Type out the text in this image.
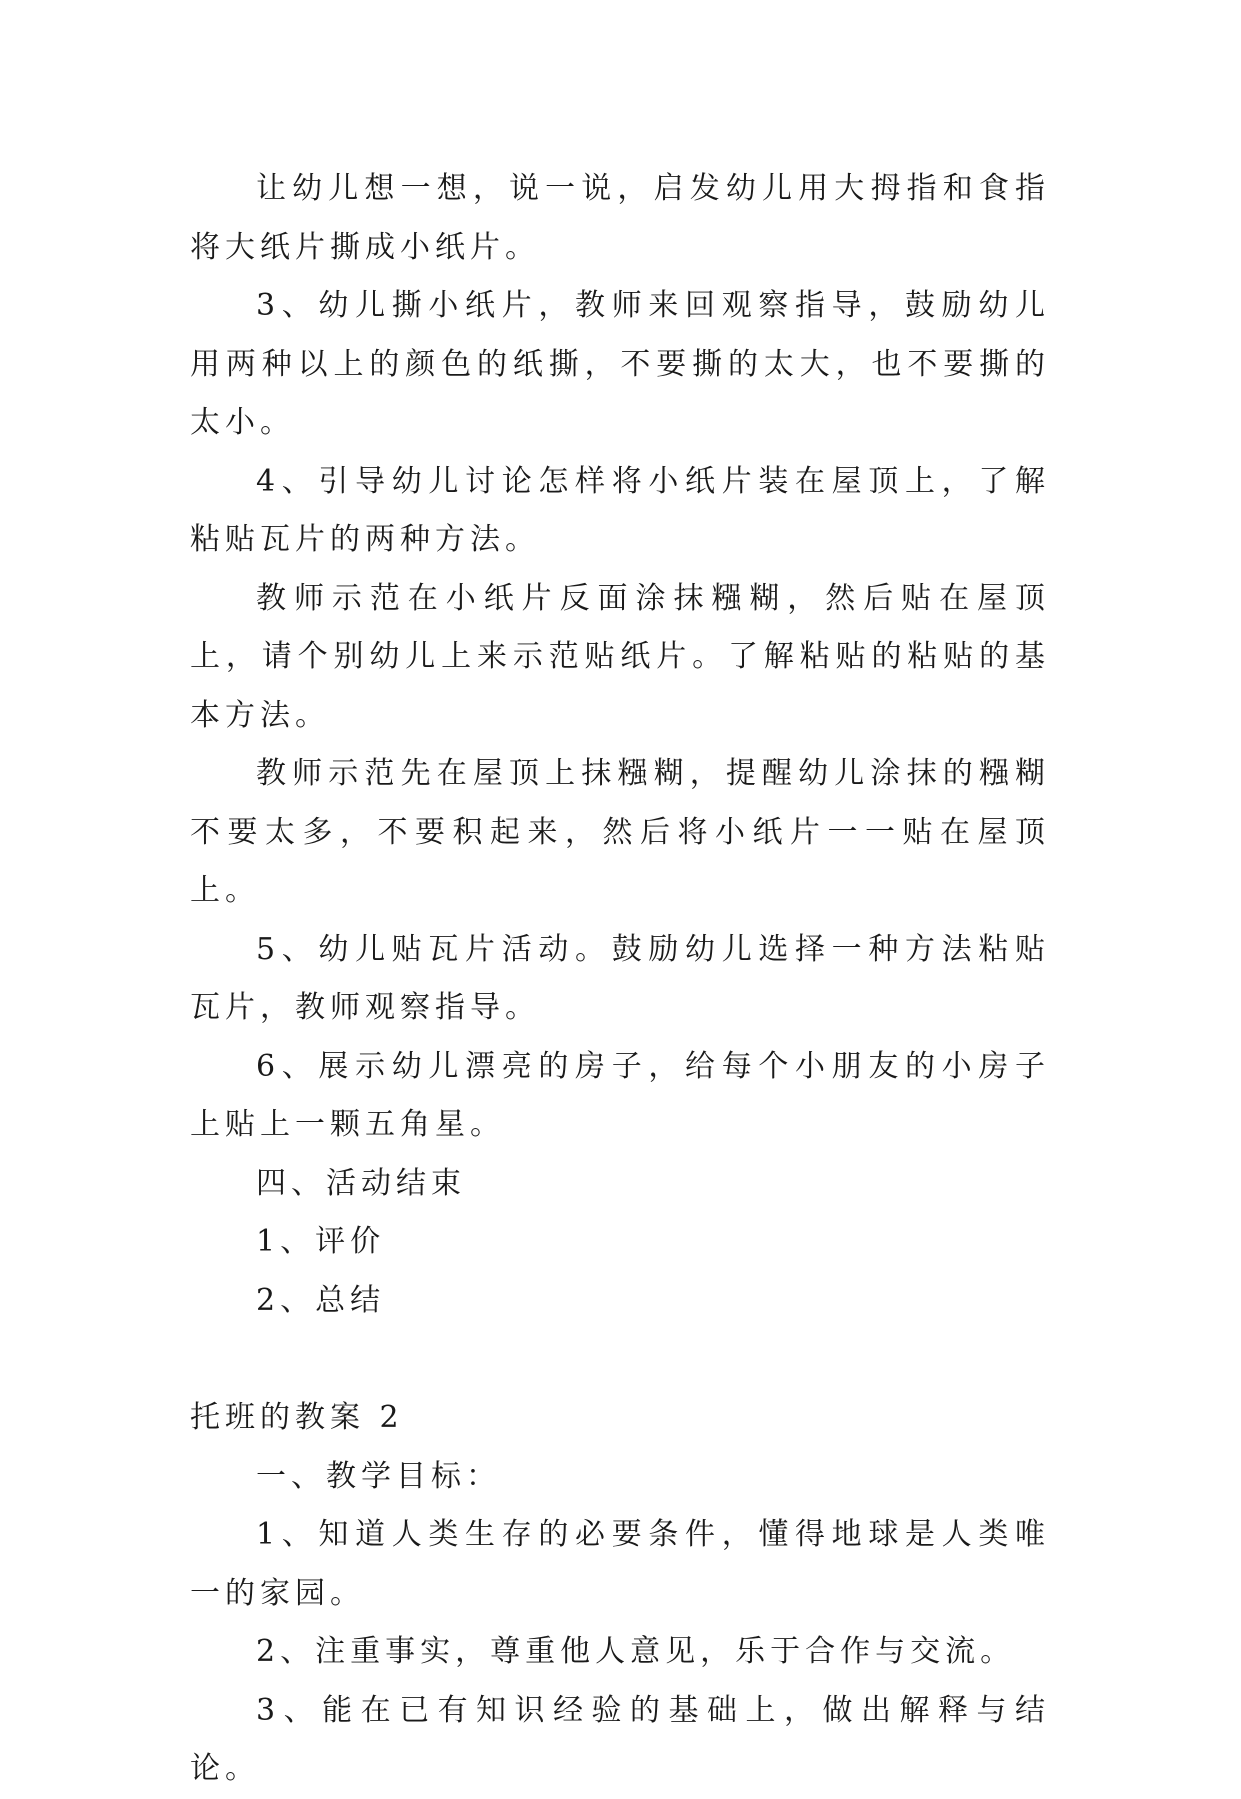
让幼儿想一想，说一说，启发幼儿用大拇指和食指将大纸片撕成小纸片。

3、幼儿撕小纸片，教师来回观察指导，鼓励幼儿用两种以上的颜色的纸撕，不要撕的太大，也不要撕的太小。

4、引导幼儿讨论怎样将小纸片装在屋顶上，了解粘贴瓦片的两种方法。

教师示范在小纸片反面涂抹糨糊，然后贴在屋顶上，请个别幼儿上来示范贴纸片。了解粘贴的粘贴的基本方法。

教师示范先在屋顶上抹糨糊，提醒幼儿涂抹的糨糊不要太多，不要积起来，然后将小纸片一一贴在屋顶上。

5、幼儿贴瓦片活动。鼓励幼儿选择一种方法粘贴瓦片，教师观察指导。

6、展示幼儿漂亮的房子，给每个小朋友的小房子上贴上一颗五角星。

四、活动结束

1、评价

2、总结

托班的教案 2

一、教学目标：

1、知道人类生存的必要条件，懂得地球是人类唯一的家园。

2、注重事实，尊重他人意见，乐于合作与交流。

3、能在已有知识经验的基础上，做出解释与结论。
